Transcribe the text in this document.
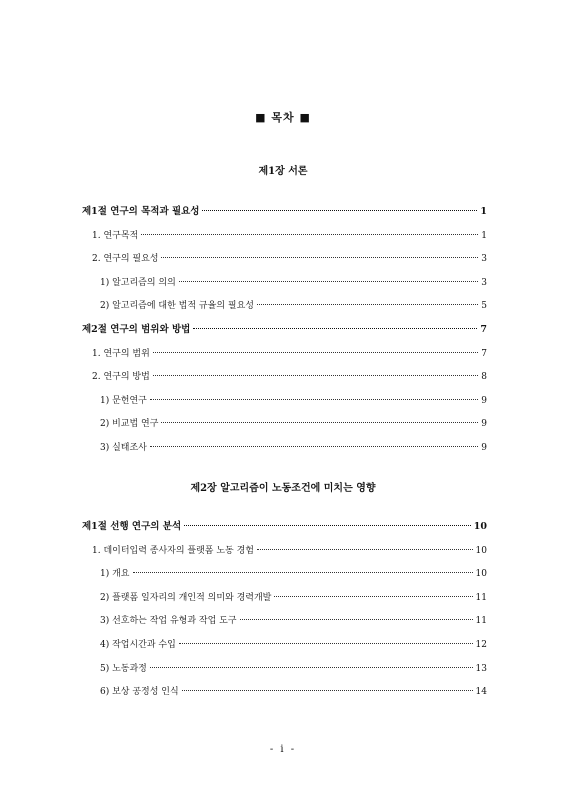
■ 목차 ■
제1장 서론
제1절 연구의 목적과 필요성	1
1. 연구목적	1
2. 연구의 필요성	3
1) 알고리즘의 의의	3
2) 알고리즘에 대한 법적 규율의 필요성	5
제2절 연구의 범위와 방법	7
1. 연구의 범위	7
2. 연구의 방법	8
1) 문헌연구	9
2) 비교법 연구	9
3) 실태조사	9
제2장 알고리즘이 노동조건에 미치는 영향
제1절 선행 연구의 분석	10
1. 데이터입력 종사자의 플랫폼 노동 경험	10
1) 개요	10
2) 플랫폼 일자리의 개인적 의미와 경력개발	11
3) 선호하는 작업 유형과 작업 도구	11
4) 작업시간과 수입	12
5) 노동과정	13
6) 보상 공정성 인식	14
- i -
